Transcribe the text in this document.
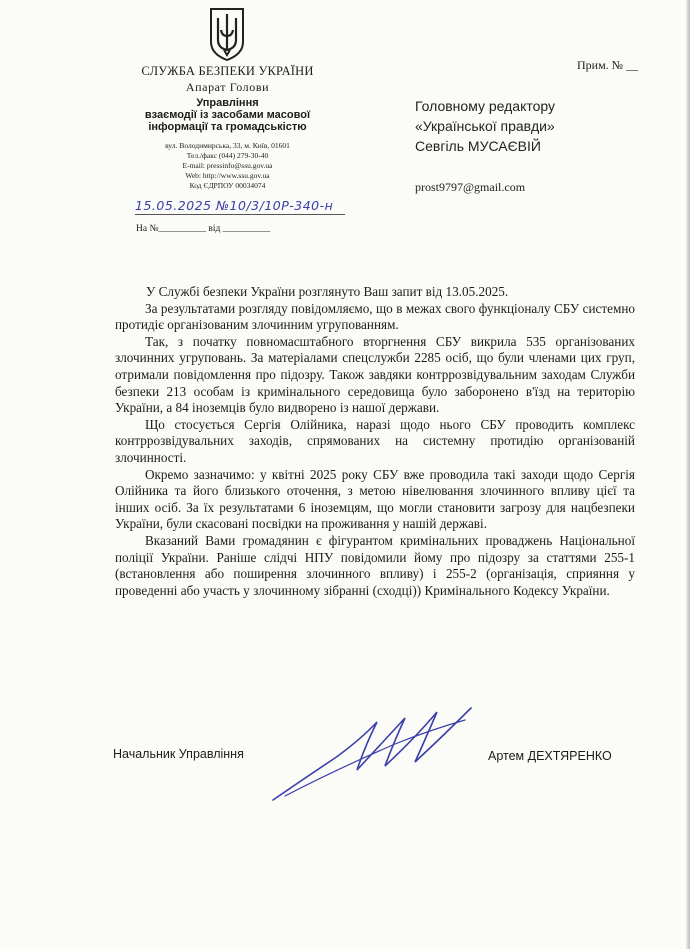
СЛУЖБА БЕЗПЕКИ УКРАЇНИ
Апарат Голови
Управління
взаємодії із засобами масової
інформації та громадськістю
вул. Володимирська, 33, м. Київ, 01601
Тел./факс (044) 279-30-40
E-mail: pressinfo@ssu.gov.ua
Web: http://www.ssu.gov.ua
Код ЄДРПОУ 00034074
15.05.2025 №10/3/10Р-340-н
На №__________ від __________
Прим. № __
Головному редактору
«Української правди»
Севгіль МУСАЄВІЙ
prost9797@gmail.com

У Службі безпеки України розглянуто Ваш запит від 13.05.2025.

За результатами розгляду повідомляємо, що в межах свого функціоналу СБУ системно протидіє організованим злочинним угрупованням.

Так, з початку повномасштабного вторгнення СБУ викрила 535 організованих злочинних угруповань. За матеріалами спецслужби 2285 осіб, що були членами цих груп, отримали повідомлення про підозру. Також завдяки контррозвідувальним заходам Служби безпеки 213 особам із кримінального середовища було заборонено в'їзд на територію України, а 84 іноземців було видворено із нашої держави.

Що стосується Сергія Олійника, наразі щодо нього СБУ проводить комплекс контррозвідувальних заходів, спрямованих на системну протидію організованій злочинності.

Окремо зазначимо: у квітні 2025 року СБУ вже проводила такі заходи щодо Сергія Олійника та його близького оточення, з метою нівелювання злочинного впливу цієї та інших осіб. За їх результатами 6 іноземцям, що могли становити загрозу для нацбезпеки України, були скасовані посвідки на проживання у нашій державі.

Вказаний Вами громадянин є фігурантом кримінальних проваджень Національної поліції України. Раніше слідчі НПУ повідомили йому про підозру за статтями 255-1 (встановлення або поширення злочинного впливу) і 255-2 (організація, сприяння у проведенні або участь у злочинному зібранні (сходці)) Кримінального Кодексу України.

Начальник Управління	Артем ДЕХТЯРЕНКО
